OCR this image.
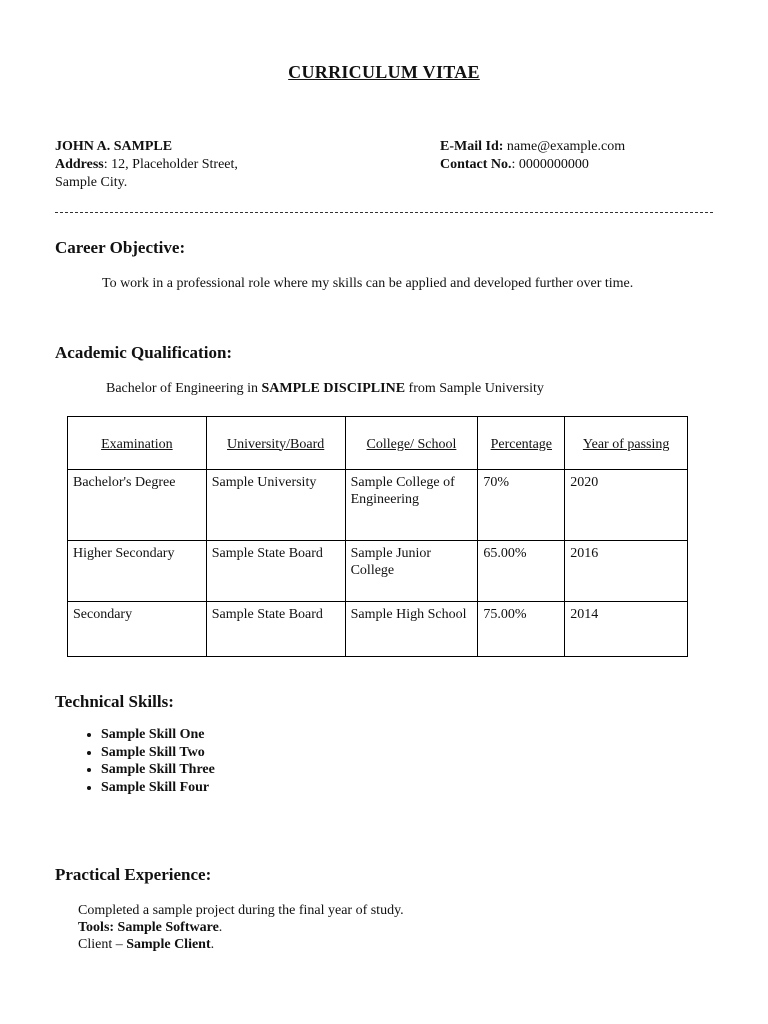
CURRICULUM VITAE
JOHN A. SAMPLE
Address: 12, Placeholder Street,
Sample City.
E-Mail Id: name@example.com
Contact No.: 0000000000
Career Objective:
To work in a professional role where my skills can be applied and developed further over time.
Academic Qualification:
Bachelor of Engineering in SAMPLE DISCIPLINE from Sample University
Examination	University/Board	College/ School	Percentage	Year of passing
Bachelor's Degree	Sample University	Sample College of Engineering	70%	2020
Higher Secondary	Sample State Board	Sample Junior College	65.00%	2016
Secondary	Sample State Board	Sample High School	75.00%	2014
Technical Skills:
• Sample Skill One
• Sample Skill Two
• Sample Skill Three
• Sample Skill Four
Practical Experience:
Completed a sample project during the final year of study.
Tools: Sample Software.
Client – Sample Client.
